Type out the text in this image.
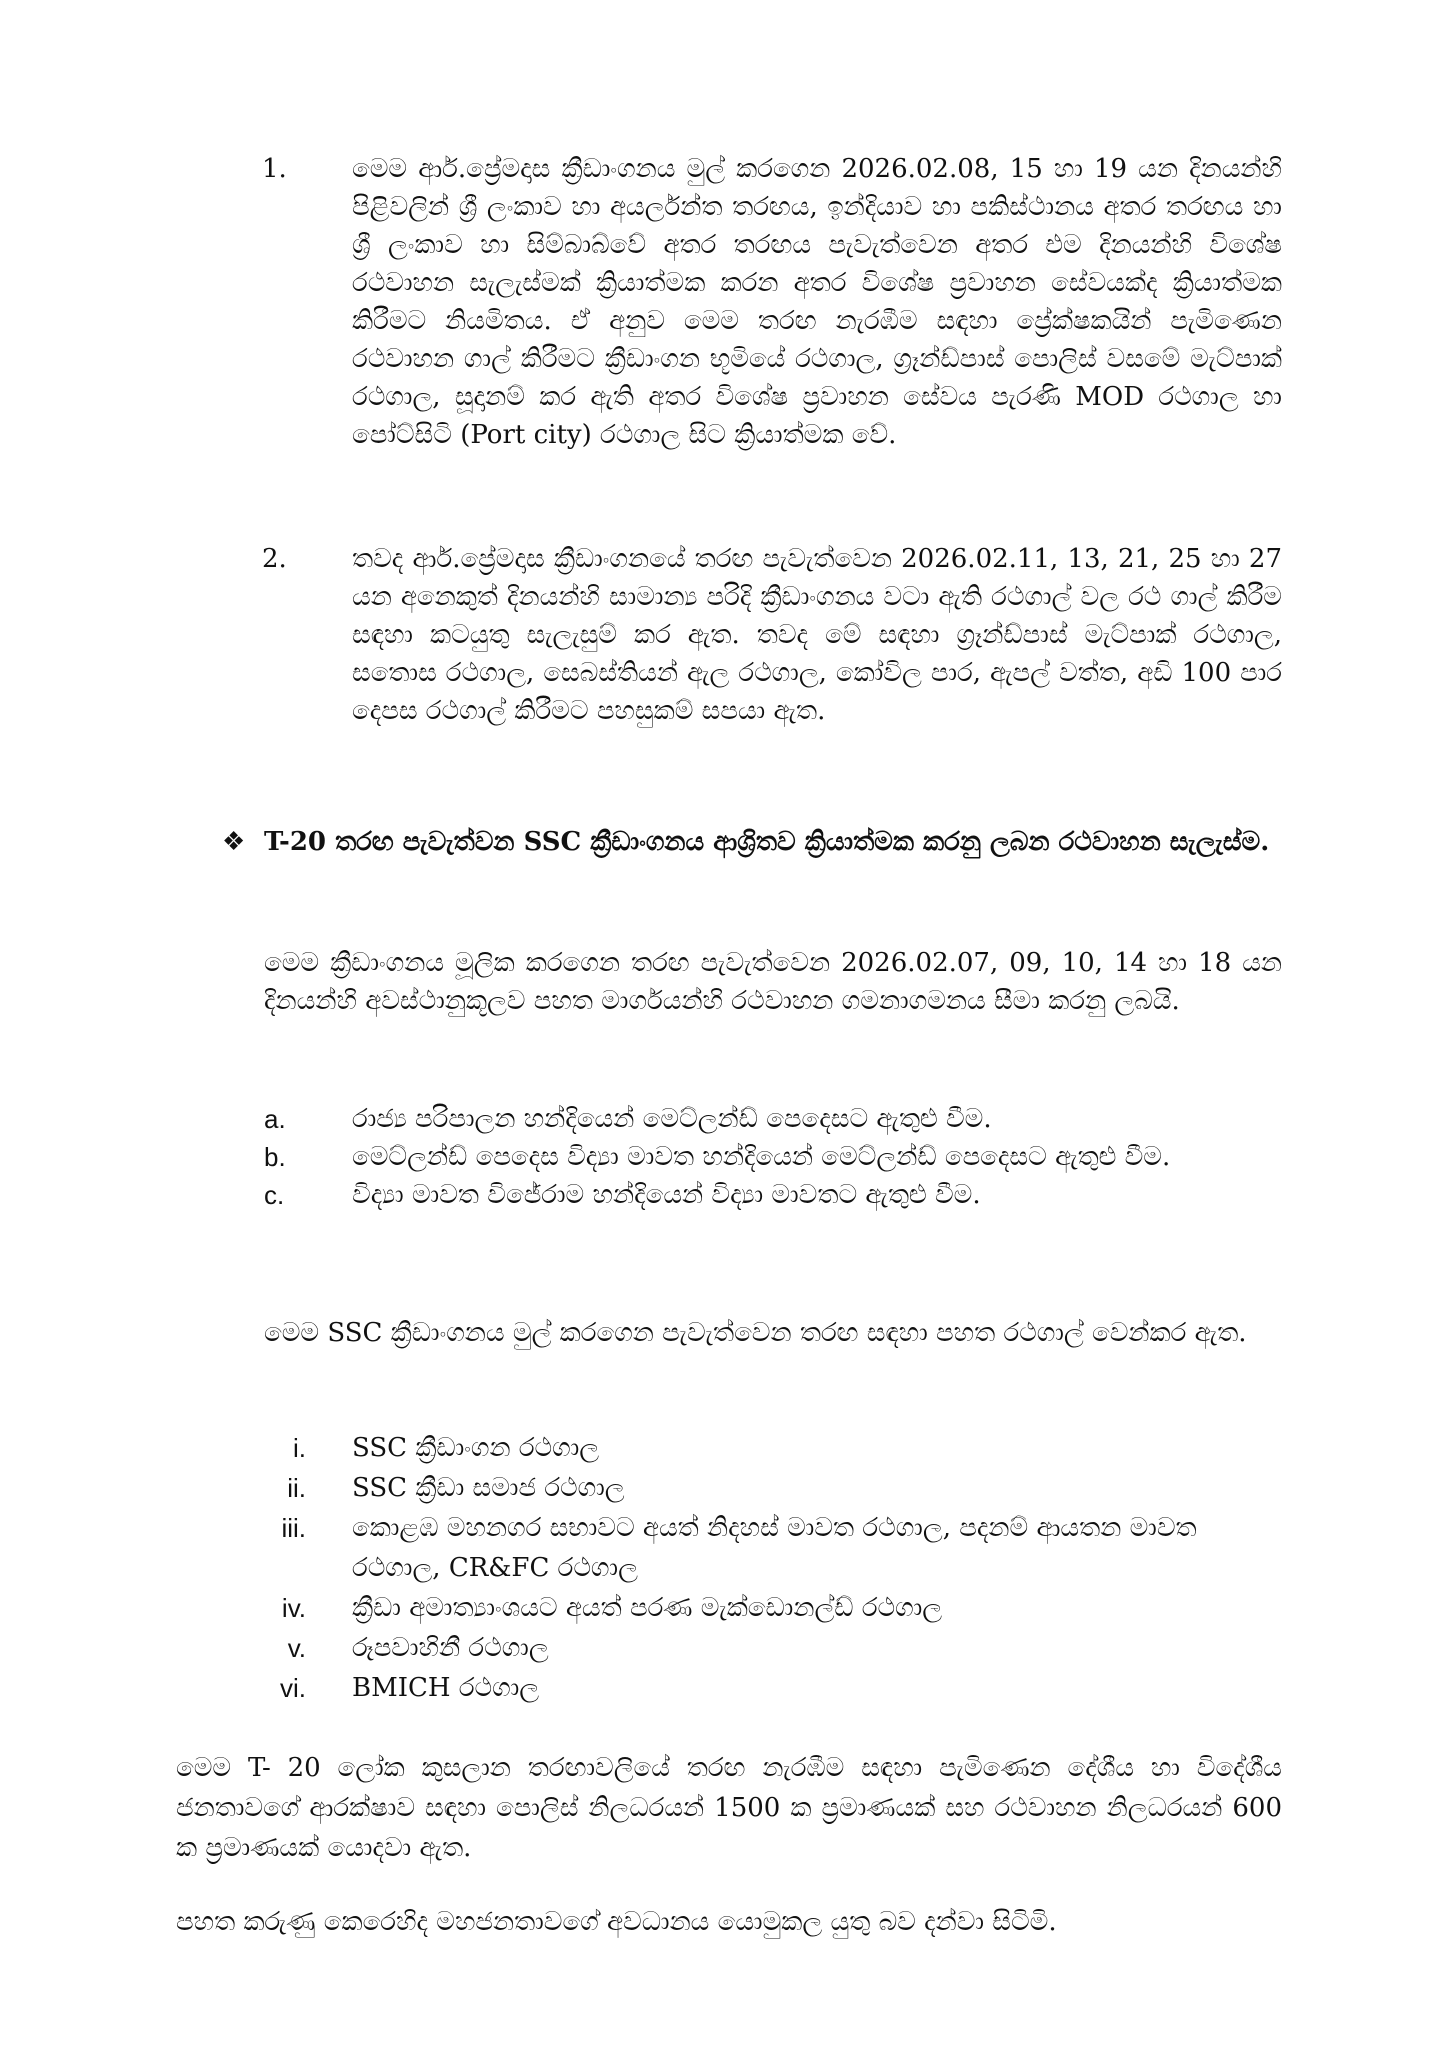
1.	මෙම ආර්.ප්‍රේමදාස ක්‍රීඩාංගනය මුල් කරගෙන 2026.02.08, 15 හා 19 යන දිනයන්හි පිළිවලින් ශ්‍රී ලංකාව හා අයර්ලන්ත තරඟය, ඉන්දියාව හා පකිස්ථානය අතර තරඟය හා ශ්‍රී ලංකාව හා සිම්බාබ්වේ අතර තරඟය පැවැත්වෙන අතර එම දිනයන්හි විශේෂ රථවාහන සැලැස්මක් ක්‍රියාත්මක කරන අතර විශේෂ ප්‍රවාහන සේවයක්ද ක්‍රියාත්මක කිරීමට නියමිතය. ඒ අනුව මෙම තරඟ නැරඹීම සඳහා ප්‍රේක්ෂකයින් පැමිණෙන රථවාහන ගාල් කිරීමට ක්‍රීඩාංගන භූමියේ රථගාල, ග්‍රෑන්ඩ්පාස් පොලිස් වසමේ මැට්පාක් රථගාල, සූදානම් කර ඇති අතර විශේෂ ප්‍රවාහන සේවය පැරණි MOD රථගාල හා පෝට්සිටි (Port city) රථගාල සිට ක්‍රියාත්මක වේ.
2.	තවද ආර්.ප්‍රේමදාස ක්‍රීඩාංගනයේ තරඟ පැවැත්වෙන 2026.02.11, 13, 21, 25 හා 27 යන අනෙකුත් දිනයන්හි සාමාන්‍ය පරිදි ක්‍රීඩාංගනය වටා ඇති රථගාල් වල රථ ගාල් කිරීම සඳහා කටයුතු සැලැසුම් කර ඇත. තවද මේ සඳහා ග්‍රෑන්ඩ්පාස් මැට්පාක් රථගාල, සතොස රථගාල, සෙබස්තියන් ඇල රථගාල, කෝවිල පාර, ඇපල් වත්ත, අඩි 100 පාර දෙපස රථගාල් කිරීමට පහසුකම් සපයා ඇත.
❖ T-20 තරඟ පැවැත්වන SSC ක්‍රීඩාංගනය ආශ්‍රිතව ක්‍රියාත්මක කරනු ලබන රථවාහන සැලැස්ම.
මෙම ක්‍රීඩාංගනය මූලික කරගෙන තරඟ පැවැත්වෙන 2026.02.07, 09, 10, 14 හා 18 යන දිනයන්හි අවස්ථානුකූලව පහත මාර්ගයන්හි රථවාහන ගමනාගමනය සීමා කරනු ලබයි.
a.	රාජ්‍ය පරිපාලන හන්දියෙන් මෙට්ලන්ඩ් පෙදෙසට ඇතුළු වීම.
b.	මෙට්ලන්ඩ් පෙදෙස විද්‍යා මාවත හන්දියෙන් මෙට්ලන්ඩ් පෙදෙසට ඇතුළු වීම.
c.	විද්‍යා මාවත විජේරාම හන්දියෙන් විද්‍යා මාවතට ඇතුළු වීම.
මෙම SSC ක්‍රීඩාංගනය මුල් කරගෙන පැවැත්වෙන තරඟ සඳහා පහත රථගාල් වෙන්කර ඇත.
i. SSC ක්‍රීඩාංගන රථගාල
ii. SSC ක්‍රීඩා සමාජ රථගාල
iii. කොළඹ මහනගර සභාවට අයත් නිදහස් මාවත රථගාල, පදනම් ආයතන මාවත රථගාල, CR&FC රථගාල
iv. ක්‍රීඩා අමාත්‍යාංශයට අයත් පරණ මැක්ඩොනල්ඩ් රථගාල
v. රූපවාහිනී රථගාල
vi. BMICH රථගාල
මෙම T- 20 ලෝක කුසලාන තරඟාවලියේ තරඟ නැරඹීම සඳහා පැමිණෙන දේශීය හා විදේශීය ජනතාවගේ ආරක්ෂාව සඳහා පොලිස් නිලධරයන් 1500 ක ප්‍රමාණයක් සහ රථවාහන නිලධරයන් 600 ක ප්‍රමාණයක් යොදවා ඇත.
පහත කරුණු කෙරෙහිද මහජනතාවගේ අවධානය යොමුකල යුතු බව දන්වා සිටිමි.
